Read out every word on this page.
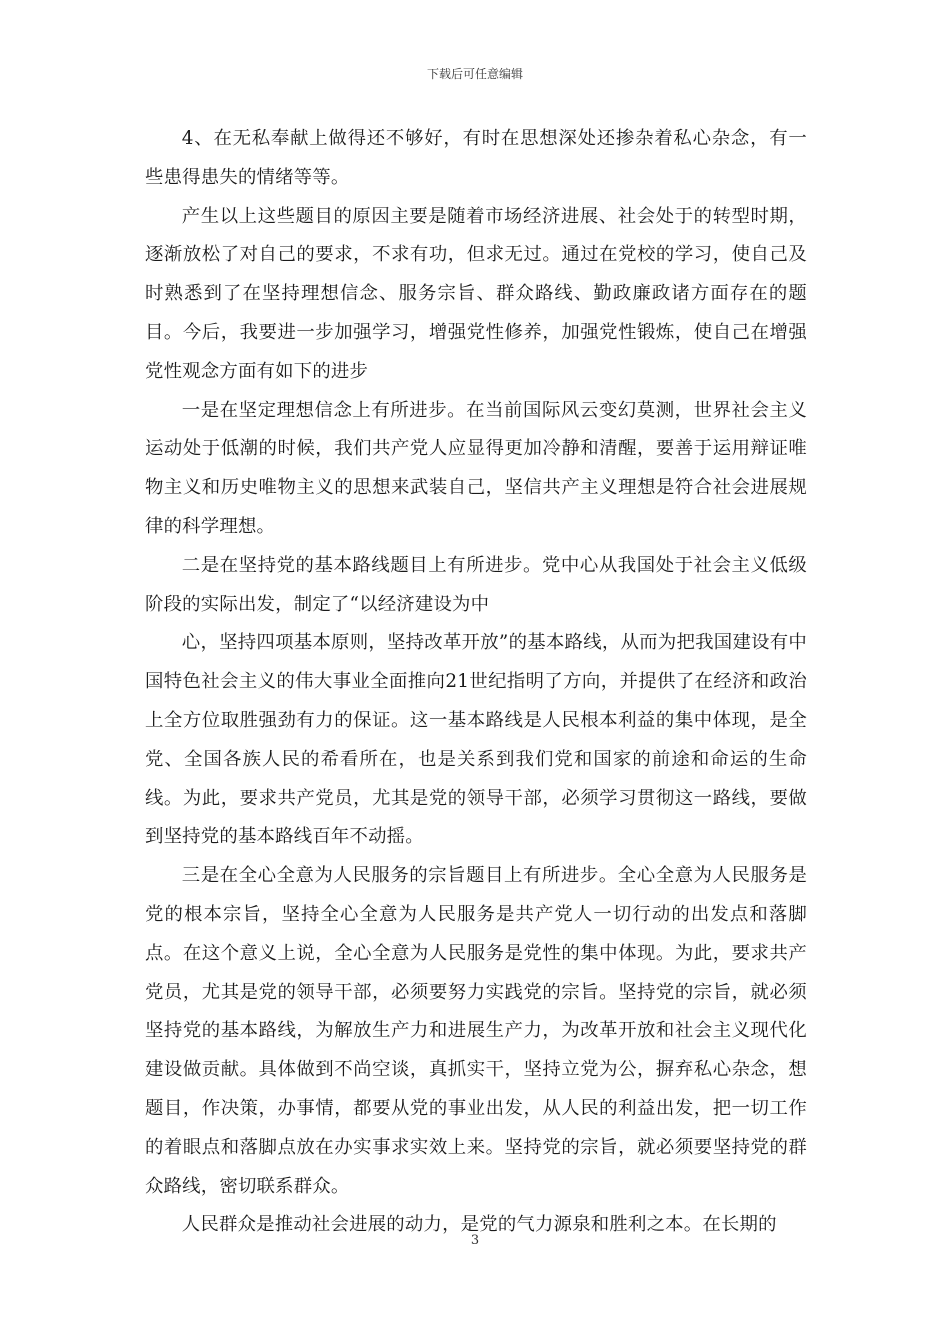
下载后可任意编辑

4、在无私奉献上做得还不够好，有时在思想深处还掺杂着私心杂念，有一些患得患失的情绪等等。

产生以上这些题目的原因主要是随着市场经济进展、社会处于的转型时期，逐渐放松了对自己的要求，不求有功，但求无过。通过在党校的学习，使自己及时熟悉到了在坚持理想信念、服务宗旨、群众路线、勤政廉政诸方面存在的题目。今后，我要进一步加强学习，增强党性修养，加强党性锻炼，使自己在增强党性观念方面有如下的进步

一是在坚定理想信念上有所进步。在当前国际风云变幻莫测，世界社会主义运动处于低潮的时候，我们共产党人应显得更加冷静和清醒，要善于运用辩证唯物主义和历史唯物主义的思想来武装自己，坚信共产主义理想是符合社会进展规律的科学理想。

二是在坚持党的基本路线题目上有所进步。党中心从我国处于社会主义低级阶段的实际出发，制定了“以经济建设为中

心，坚持四项基本原则，坚持改革开放”的基本路线，从而为把我国建设有中国特色社会主义的伟大事业全面推向21世纪指明了方向，并提供了在经济和政治上全方位取胜强劲有力的保证。这一基本路线是人民根本利益的集中体现，是全党、全国各族人民的希看所在，也是关系到我们党和国家的前途和命运的生命线。为此，要求共产党员，尤其是党的领导干部，必须学习贯彻这一路线，要做到坚持党的基本路线百年不动摇。

三是在全心全意为人民服务的宗旨题目上有所进步。全心全意为人民服务是党的根本宗旨，坚持全心全意为人民服务是共产党人一切行动的出发点和落脚点。在这个意义上说，全心全意为人民服务是党性的集中体现。为此，要求共产党员，尤其是党的领导干部，必须要努力实践党的宗旨。坚持党的宗旨，就必须坚持党的基本路线，为解放生产力和进展生产力，为改革开放和社会主义现代化建设做贡献。具体做到不尚空谈，真抓实干，坚持立党为公，摒弃私心杂念，想题目，作决策，办事情，都要从党的事业出发，从人民的利益出发，把一切工作的着眼点和落脚点放在办实事求实效上来。坚持党的宗旨，就必须要坚持党的群众路线，密切联系群众。

人民群众是推动社会进展的动力，是党的气力源泉和胜利之本。在长期的

3
